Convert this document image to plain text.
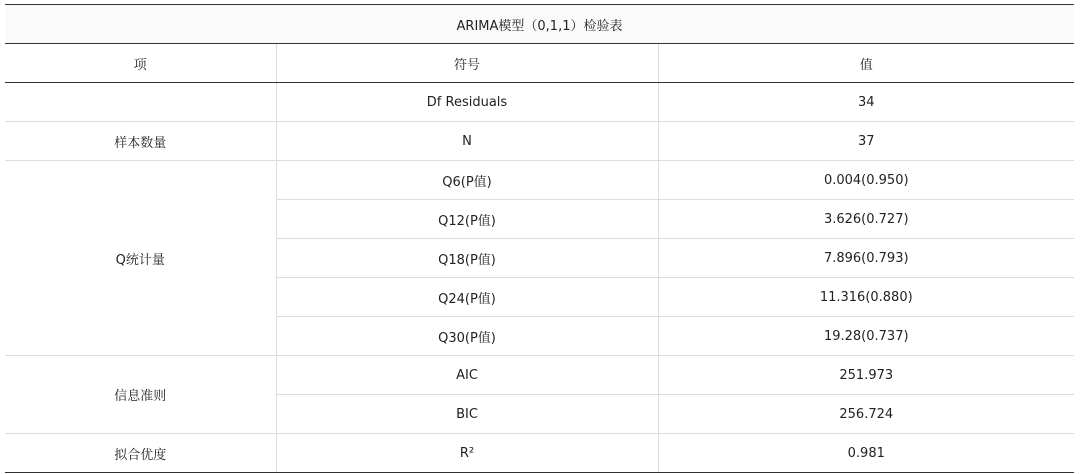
ARIMA模型（0,1,1）检验表		
项	符号	值
	Df Residuals	34
样本数量	N	37
Q统计量	Q6(P值)	0.004(0.950)
	Q12(P值)	3.626(0.727)
	Q18(P值)	7.896(0.793)
	Q24(P值)	11.316(0.880)
	Q30(P值)	19.28(0.737)
信息准则	AIC	251.973
	BIC	256.724
拟合优度	R²	0.981
